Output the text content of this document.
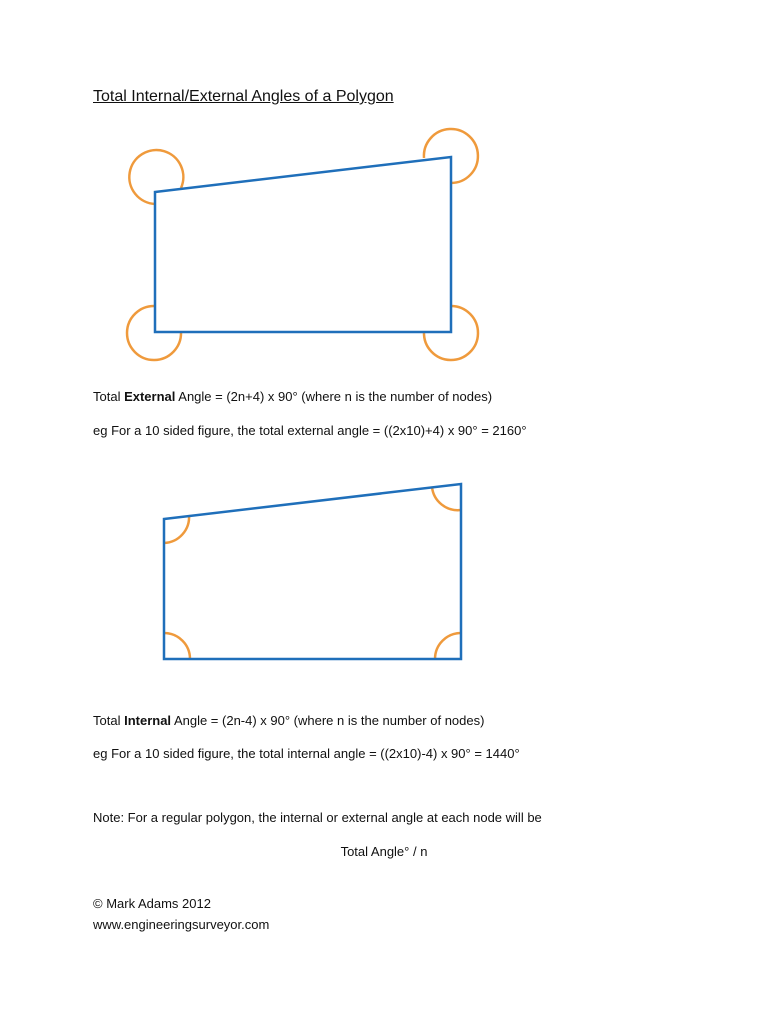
Total Internal/External Angles of a Polygon
Total External Angle = (2n+4) x 90° (where n is the number of nodes)
eg For a 10 sided figure, the total external angle = ((2x10)+4) x 90° = 2160°
Total Internal Angle = (2n-4) x 90° (where n is the number of nodes)
eg For a 10 sided figure, the total internal angle = ((2x10)-4) x 90° = 1440°
Note: For a regular polygon, the internal or external angle at each node will be
Total Angle° / n
© Mark Adams 2012
www.engineeringsurveyor.com
